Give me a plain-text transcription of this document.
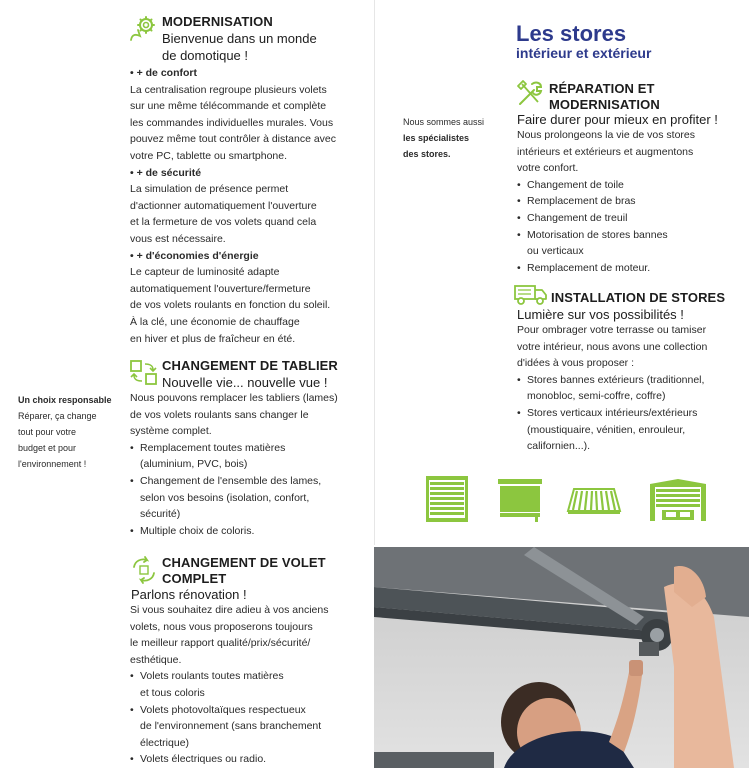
MODERNISATION
Bienvenue dans un monde
de domotique !

• + de confort

La centralisation regroupe plusieurs volets

sur une même télécommande et complète

les commandes individuelles murales. Vous

pouvez même tout contrôler à distance avec

votre PC, tablette ou smartphone.

• + de sécurité

La simulation de présence permet

d'actionner automatiquement l'ouverture

et la fermeture de vos volets quand cela

vous est nécessaire.

• + d'économies d'énergie

Le capteur de luminosité adapte

automatiquement l'ouverture/fermeture

de vos volets roulants en fonction du soleil.

À la clé, une économie de chauffage

en hiver et plus de fraîcheur en été.

CHANGEMENT DE TABLIER
Nouvelle vie... nouvelle vue !

Nous pouvons remplacer les tabliers (lames)

de vos volets roulants sans changer le

système complet.

• Remplacement toutes matières
(aluminium, PVC, bois)
• Changement de l'ensemble des lames,
selon vos besoins (isolation, confort,
sécurité)
• Multiple choix de coloris.
CHANGEMENT DE VOLET
COMPLET
Parlons rénovation !

Si vous souhaitez dire adieu à vos anciens

volets, nous vous proposerons toujours

le meilleur rapport qualité/prix/sécurité/

esthétique.

• Volets roulants toutes matières
et tous coloris
• Volets photovoltaïques respectueux
de l'environnement (sans branchement
électrique)
• Volets électriques ou radio.
Un choix responsable
Réparer, ça change
tout pour votre
budget et pour
l'environnement !
Les stores
intérieur et extérieur
Nous sommes aussi
les spécialistes
des stores.
RÉPARATION ET
MODERNISATION
Faire durer pour mieux en profiter !

Nous prolongeons la vie de vos stores

intérieurs et extérieurs et augmentons

votre confort.

• Changement de toile
• Remplacement de bras
• Changement de treuil
• Motorisation de stores bannes
ou verticaux
• Remplacement de moteur.
INSTALLATION DE STORES
Lumière sur vos possibilités !

Pour ombrager votre terrasse ou tamiser

votre intérieur, nous avons une collection

d'idées à vous proposer :

• Stores bannes extérieurs (traditionnel,
monobloc, semi-coffre, coffre)
• Stores verticaux intérieurs/extérieurs
(moustiquaire, vénitien, enrouleur,
californien...).
